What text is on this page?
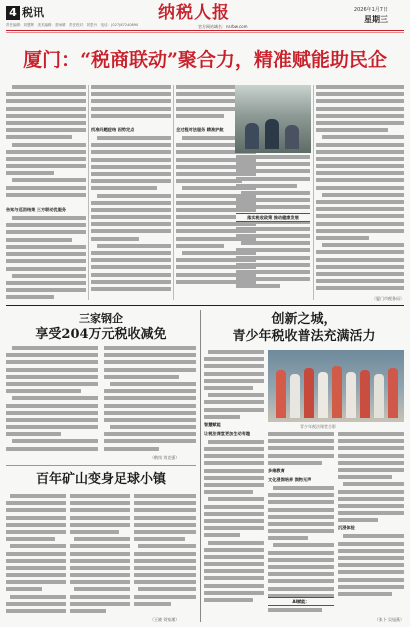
4 税讯	纳税人报
官方网站域名：nsrbw.com
2026年1月7日
星期三
责任编辑：刘慧辉　美术编辑：蔡雨晴　责任校对：刘思丹　电话：(027)87240890
厦门：“税商联动”聚合力，精准赋能助民企
告知与巡回结果 三方联动优服务
找准问题症结 因势定点	全过程对法服务 精准护航
落实税收政策 推动健康发展
（厦门市税务局）
三家钢企
享受204万元税收减免
（鹤岗 刘克强）
百年矿山变身足球小镇
（王晓 刘家湘）
创新之城，
青少年税收普法充满活力
智慧赋能
让税法课堂更加生动有趣
青少年税法课堂合影
多维教育
文化浸润培养 润物无声
沉浸体验
AI赋能：
（张卜 吴旭燕）
